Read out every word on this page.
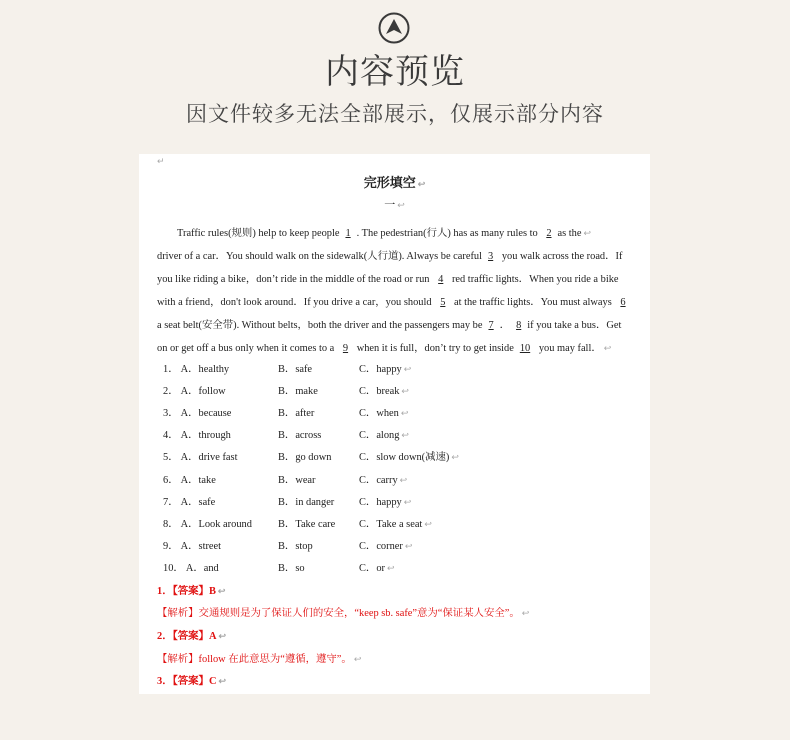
内容预览
因文件较多无法全部展示，仅展示部分内容
↵
完形填空 ↩
一 ↩
Traffic rules(规则) help to keep people 1 . The pedestrian(行人) has as many rules to 2 as the ↩
driver of a car．You should walk on the sidewalk(人行道). Always be careful 3 you walk across the road．If
you like riding a bike，don’t ride in the middle of the road or run 4 red traffic lights．When you ride a bike
with a friend，don't look around．If you drive a car，you should 5 at the traffic lights．You must always 6
a seat belt(安全带). Without belts，both the driver and the passengers may be 7 ． 8 if you take a bus．Get
on or get off a bus only when it comes to a 9 when it is full，don’t try to get inside 10 you may fall． ↩
1． A．healthy	B．safe	C．happy ↩
2． A．follow	B．make	C．break ↩
3． A．because	B．after	C．when ↩
4． A．through	B．across	C．along ↩
5． A．drive fast	B．go down	C．slow down(减速) ↩
6． A．take	B．wear	C．carry ↩
7． A．safe	B．in danger C．happy ↩
8． A．Look around	B．Take care C．Take a seat ↩
9． A．street	B．stop	C．corner ↩
10． A．and	B．so	C．or ↩
1．【答案】B ↩
【解析】交通规则是为了保证人们的安全，“keep sb. safe”意为“保证某人安全”。 ↩
2．【答案】A ↩
【解析】follow 在此意思为“遵循，遵守”。 ↩
3．【答案】C ↩
